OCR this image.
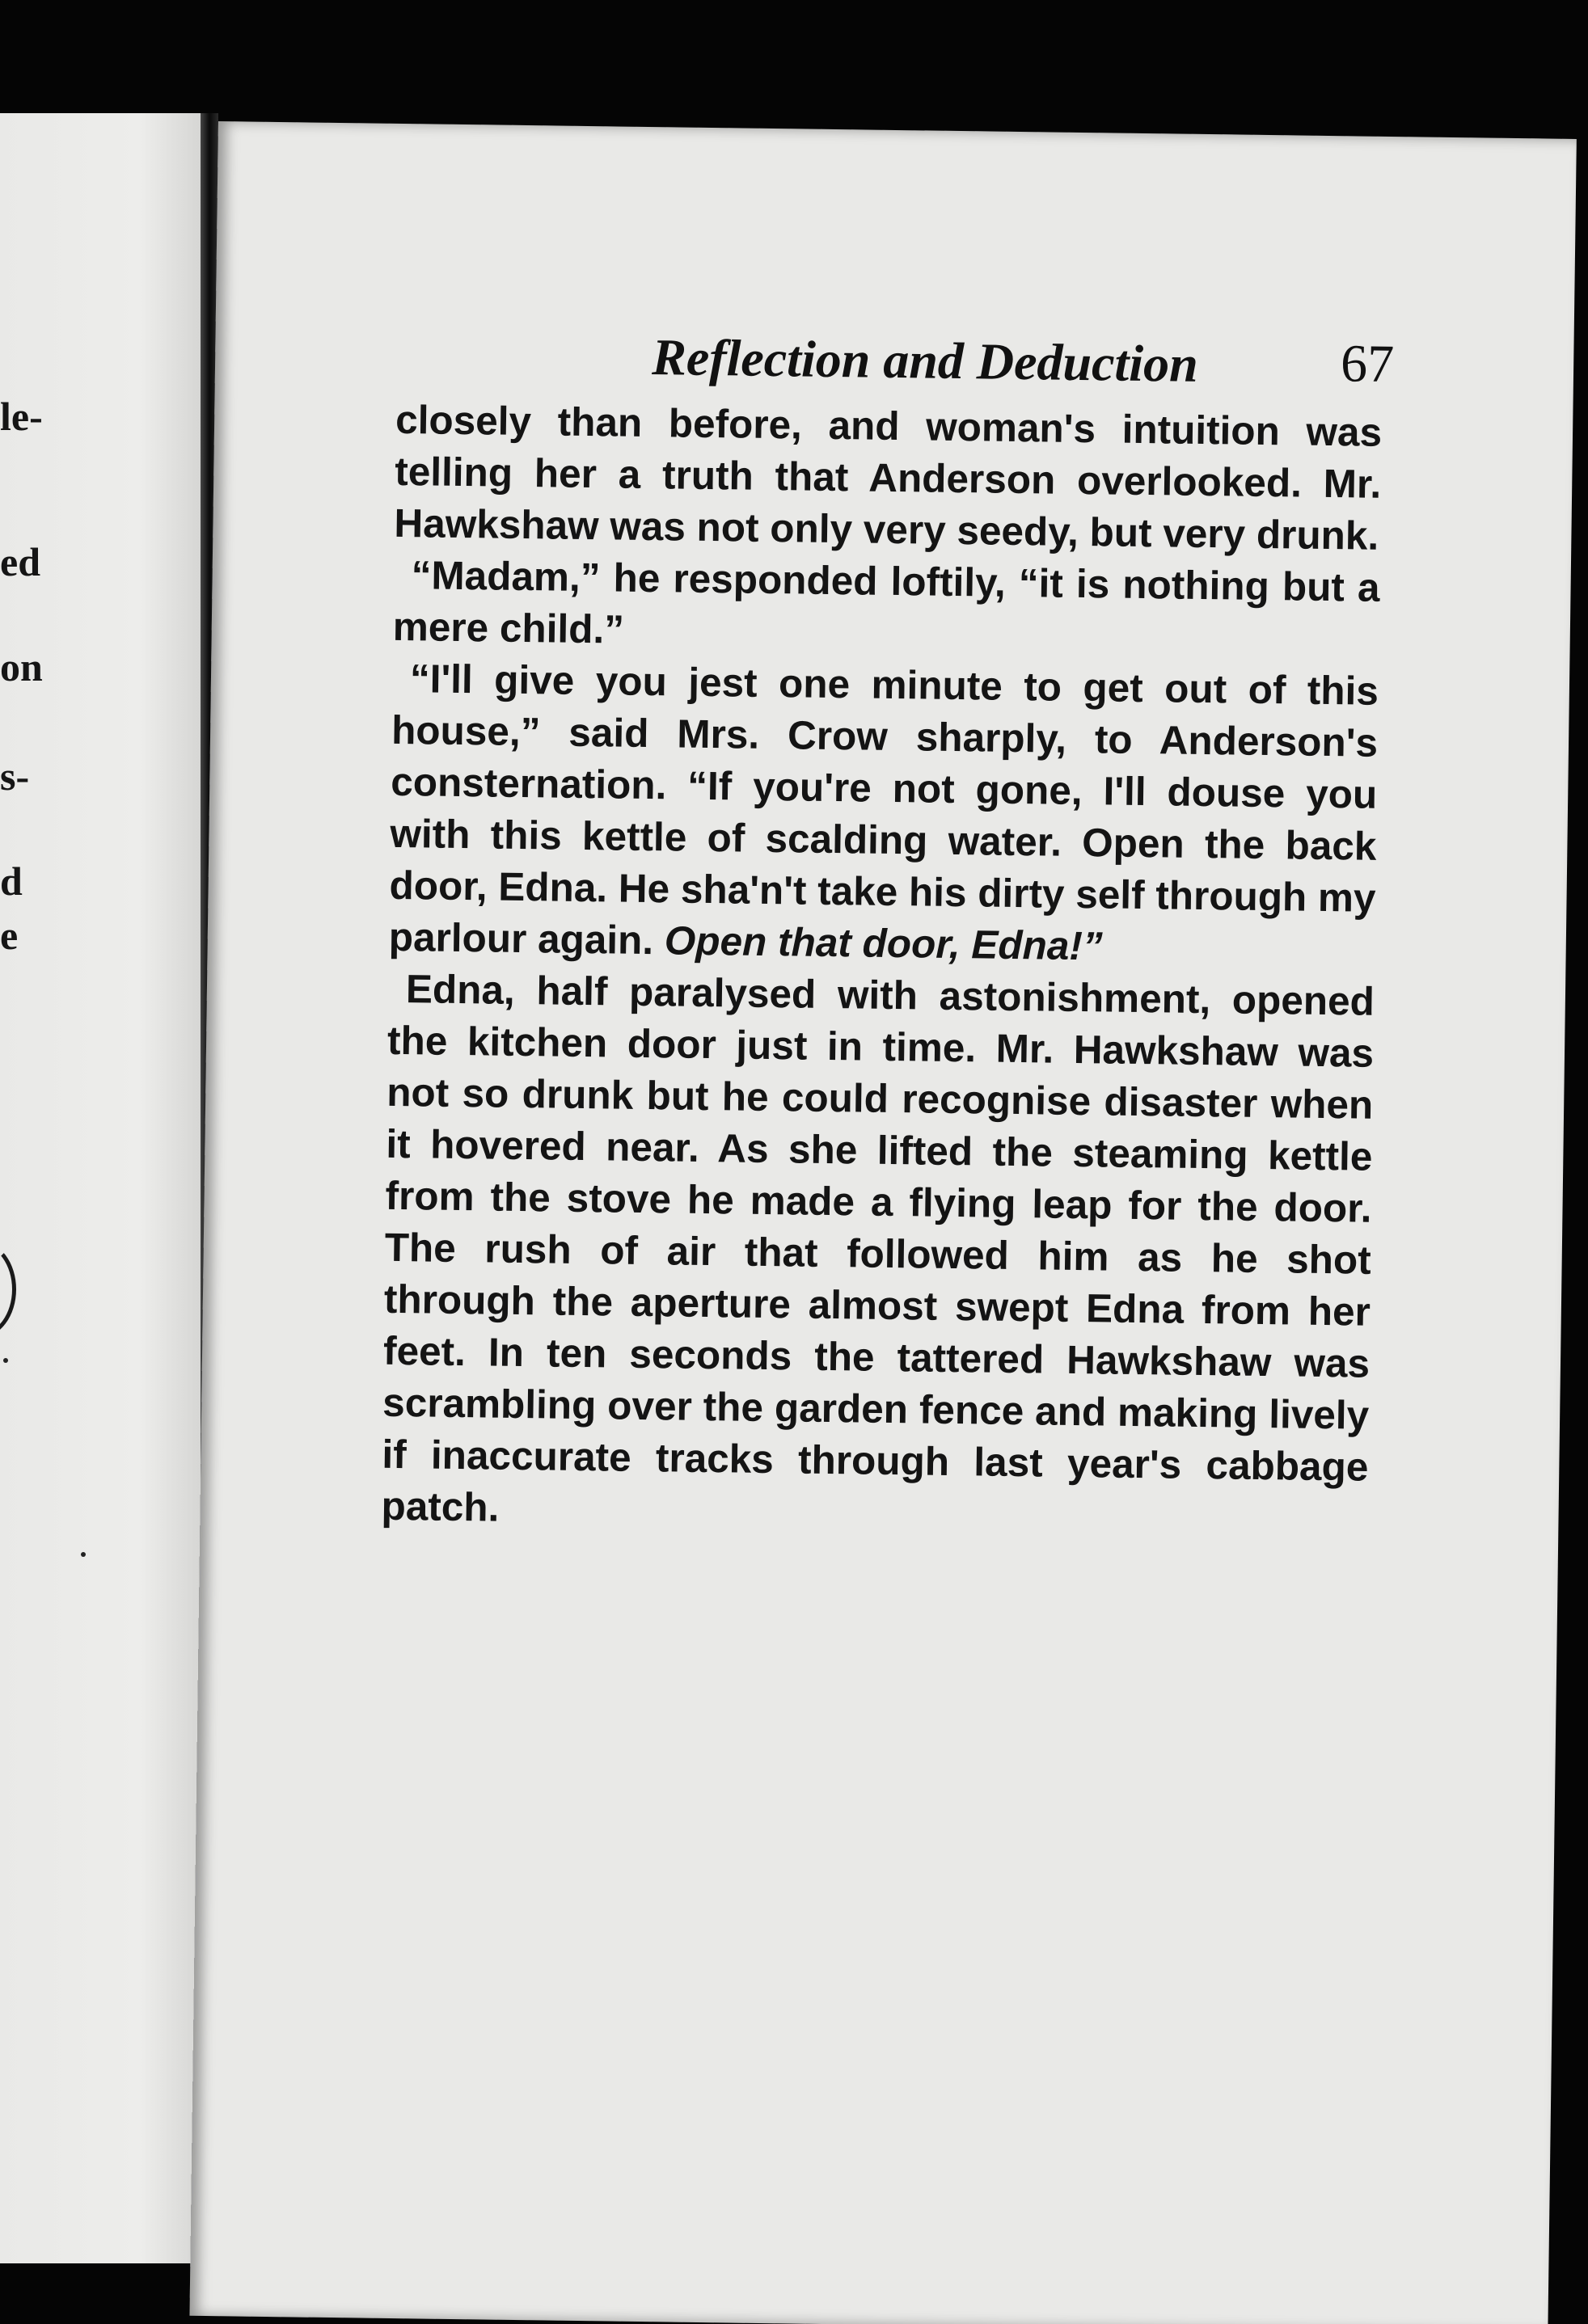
le-
ed
on
s-
d
e
Reflection and Deduction	67

closely than before, and woman's intuition was telling her a truth that Anderson overlooked. Mr. Hawkshaw was not only very seedy, but very drunk.

“Madam,” he responded loftily, “it is nothing but a mere child.”

“I'll give you jest one minute to get out of this house,” said Mrs. Crow sharply, to Anderson's consternation. “If you're not gone, I'll douse you with this kettle of scalding water. Open the back door, Edna. He sha'n't take his dirty self through my parlour again. Open that door, Edna!”

Edna, half paralysed with astonishment, opened the kitchen door just in time. Mr. Hawkshaw was not so drunk but he could recognise disaster when it hovered near. As she lifted the steaming kettle from the stove he made a flying leap for the door. The rush of air that followed him as he shot through the aperture almost swept Edna from her feet. In ten seconds the tattered Hawkshaw was scrambling over the garden fence and making lively if inaccurate tracks through last year's cabbage patch.
